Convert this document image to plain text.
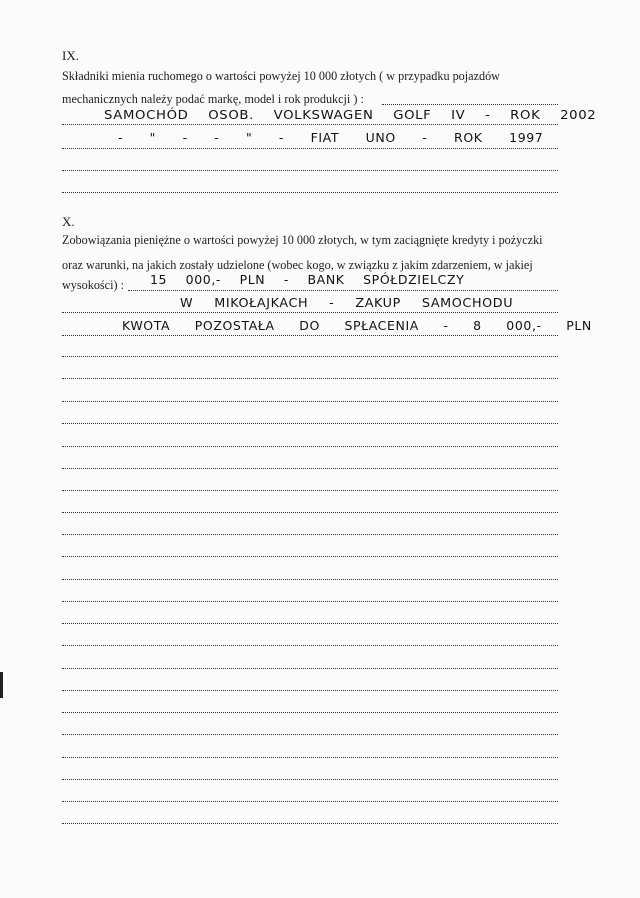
IX.

Składniki mienia ruchomego o wartości powyżej 10 000 złotych ( w przypadku pojazdów

mechanicznych należy podać markę, model i rok produkcji ) :

SAMOCHÓD OSOB. VOLKSWAGEN GOLF IV - ROK 2002
- " - - " - FIAT UNO - ROK 1997
X.

Zobowiązania pieniężne o wartości powyżej 10 000 złotych, w tym zaciągnięte kredyty i pożyczki

oraz warunki, na jakich zostały udzielone (wobec kogo, w związku z jakim zdarzeniem, w jakiej

wysokości) :	15 000,- PLN - BANK SPÓŁDZIELCZY
W MIKOŁAJKACH - ZAKUP SAMOCHODU
KWOTA POZOSTAŁA DO SPŁACENIA - 8 000,- PLN
